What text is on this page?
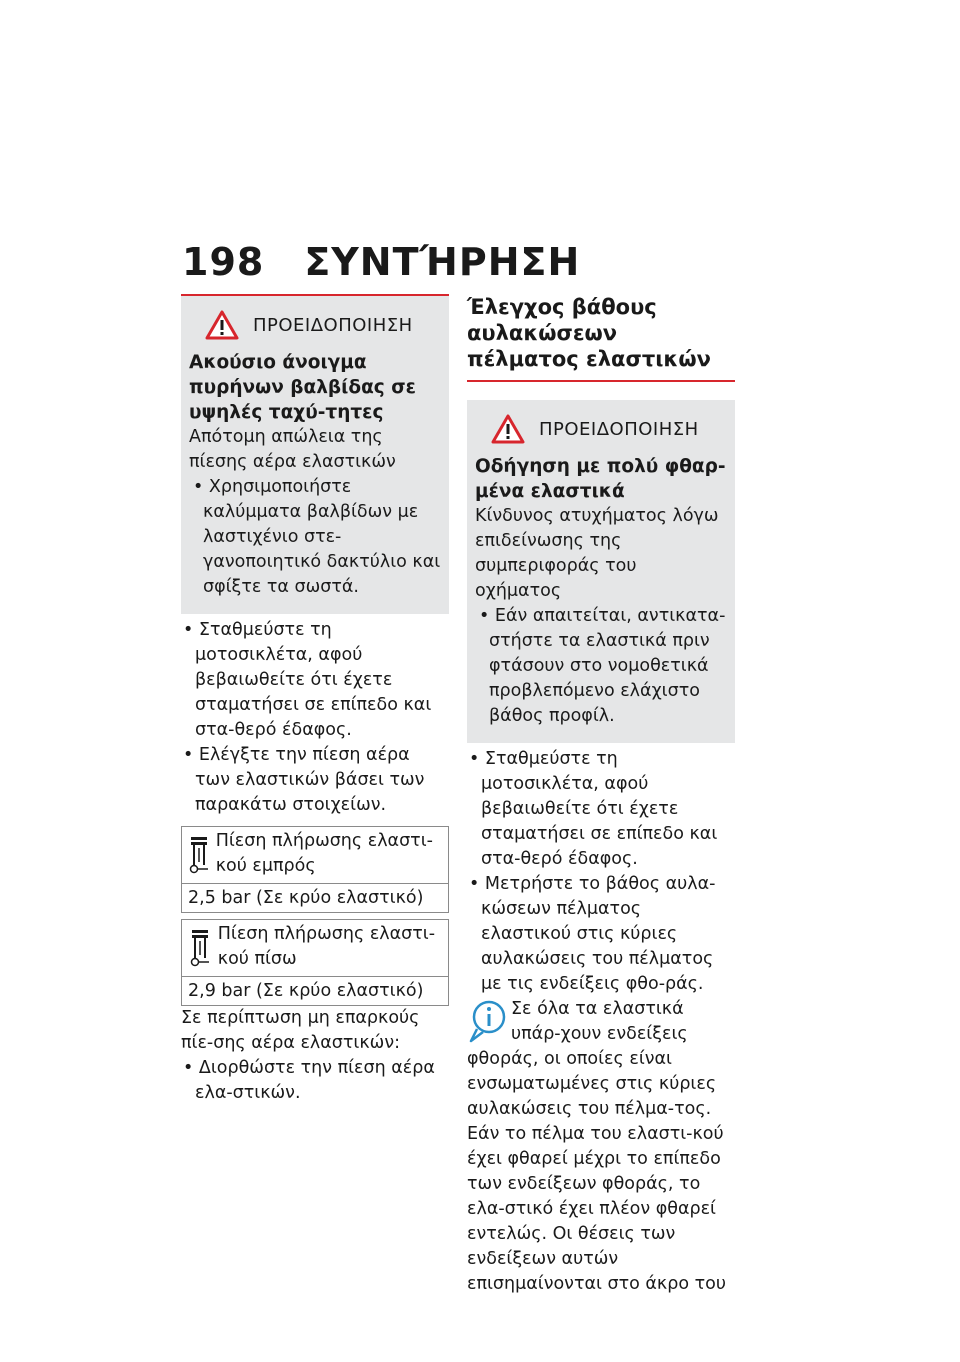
198 ΣΥΝΤΉΡΗΣΗ
ΠΡΟΕΙΔΟΠΟΙΗΣΗ
Ακούσιο άνοιγμα πυρήνων βαλβίδας σε υψηλές ταχύ-τητες
Απότομη απώλεια της πίεσης αέρα ελαστικών
• Χρησιμοποιήστε καλύμματα βαλβίδων με λαστιχένιο στε-γανοποιητικό δακτύλιο και σφίξτε τα σωστά.
• Σταθμεύστε τη μοτοσικλέτα, αφού βεβαιωθείτε ότι έχετε σταματήσει σε επίπεδο και στα-θερό έδαφος.
• Ελέγξτε την πίεση αέρα των ελαστικών βάσει των παρακάτω στοιχείων.
Πίεση πλήρωσης ελαστι-κού εμπρός
2,5 bar (Σε κρύο ελαστικό)
Πίεση πλήρωσης ελαστι-κού πίσω
2,9 bar (Σε κρύο ελαστικό)
Σε περίπτωση μη επαρκούς πίε-σης αέρα ελαστικών:
• Διορθώστε την πίεση αέρα ελα-στικών.
Έλεγχος βάθους αυλακώσεων πέλματος ελαστικών
ΠΡΟΕΙΔΟΠΟΙΗΣΗ
Οδήγηση με πολύ φθαρ-μένα ελαστικά
Κίνδυνος ατυχήματος λόγω επιδείνωσης της συμπεριφοράς του οχήματος
• Εάν απαιτείται, αντικατα-στήστε τα ελαστικά πριν φτάσουν στο νομοθετικά προβλεπόμενο ελάχιστο βάθος προφίλ.
• Σταθμεύστε τη μοτοσικλέτα, αφού βεβαιωθείτε ότι έχετε σταματήσει σε επίπεδο και στα-θερό έδαφος.
• Μετρήστε το βάθος αυλα-κώσεων πέλματος ελαστικού στις κύριες αυλακώσεις του πέλματος με τις ενδείξεις φθο-ράς.
Σε όλα τα ελαστικά υπάρ-χουν ενδείξεις φθοράς, οι οποίες είναι ενσωματωμένες στις κύριες αυλακώσεις του πέλμα-τος. Εάν το πέλμα του ελαστι-κού έχει φθαρεί μέχρι το επίπεδο των ενδείξεων φθοράς, το ελα-στικό έχει πλέον φθαρεί εντελώς. Οι θέσεις των ενδείξεων αυτών επισημαίνονται στο άκρο του
